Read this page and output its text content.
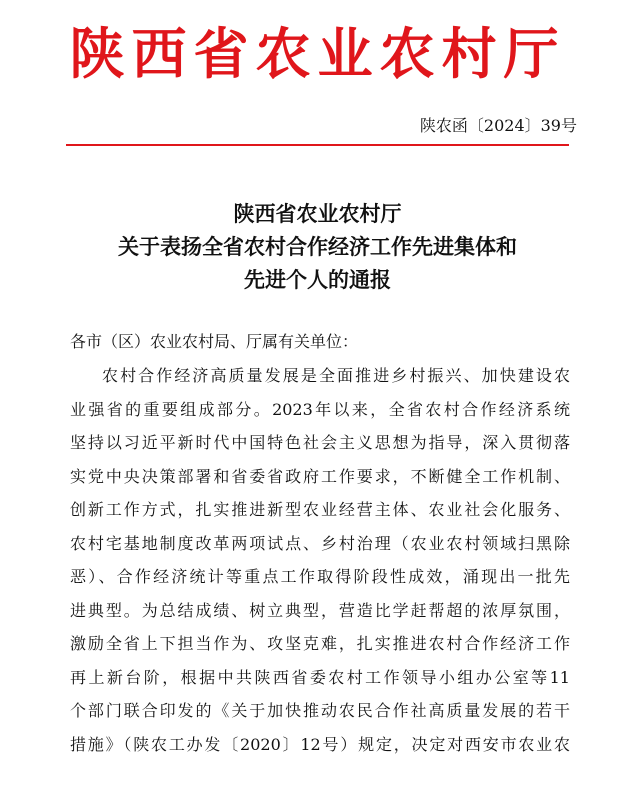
陕西省农业农村厅
陕农函〔2024〕39号
陕西省农业农村厅
关于表扬全省农村合作经济工作先进集体和
先进个人的通报
各市（区）农业农村局、厅属有关单位：
农村合作经济高质量发展是全面推进乡村振兴、加快建设农
业强省的重要组成部分。2023年以来，全省农村合作经济系统
坚持以习近平新时代中国特色社会主义思想为指导，深入贯彻落
实党中央决策部署和省委省政府工作要求，不断健全工作机制、
创新工作方式，扎实推进新型农业经营主体、农业社会化服务、
农村宅基地制度改革两项试点、乡村治理（农业农村领域扫黑除
恶）、合作经济统计等重点工作取得阶段性成效，涌现出一批先
进典型。为总结成绩、树立典型，营造比学赶帮超的浓厚氛围，
激励全省上下担当作为、攻坚克难，扎实推进农村合作经济工作
再上新台阶，根据中共陕西省委农村工作领导小组办公室等11
个部门联合印发的《关于加快推动农民合作社高质量发展的若干
措施》（陕农工办发〔2020〕12号）规定，决定对西安市农业农
